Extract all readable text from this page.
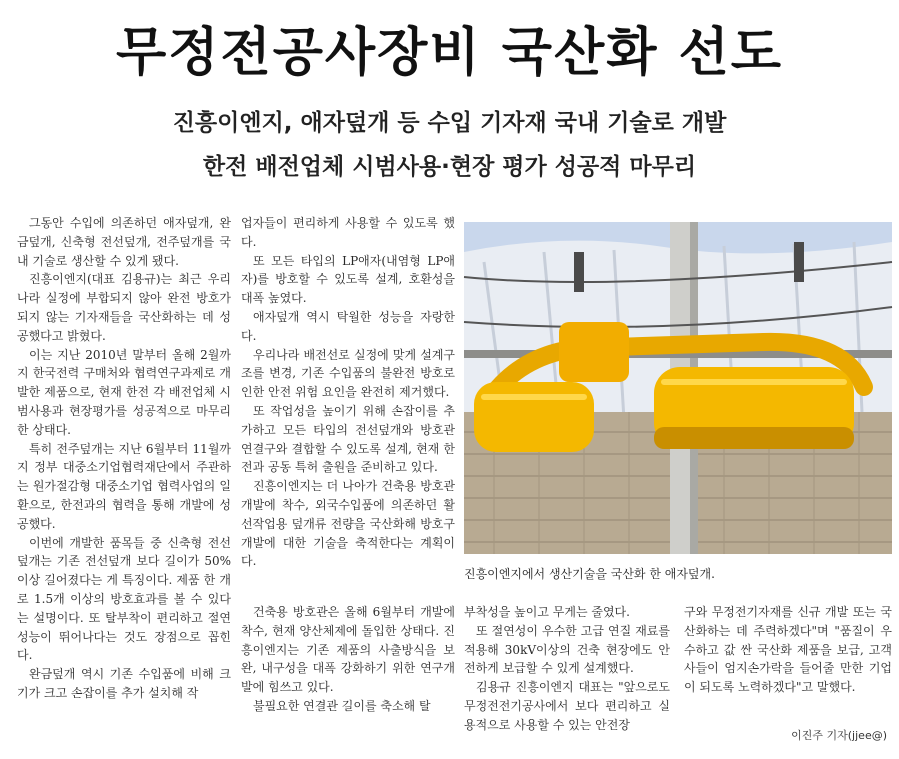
무정전공사장비 국산화 선도
진흥이엔지, 애자덮개 등 수입 기자재 국내 기술로 개발
한전 배전업체 시범사용·현장 평가 성공적 마무리

그동안 수입에 의존하던 애자덮개, 완금덮개, 신축형 전선덮개, 전주덮개를 국내 기술로 생산할 수 있게 됐다.

진흥이엔지(대표 김용규)는 최근 우리나라 실정에 부합되지 않아 완전 방호가 되지 않는 기자재들을 국산화하는 데 성공했다고 밝혔다.

이는 지난 2010년 말부터 올해 2월까지 한국전력 구매처와 협력연구과제로 개발한 제품으로, 현재 한전 각 배전업체 시범사용과 현장평가를 성공적으로 마무리한 상태다.

특히 전주덮개는 지난 6월부터 11월까지 정부 대중소기업협력재단에서 주관하는 원가절감형 대중소기업 협력사업의 일환으로, 한전과의 협력을 통해 개발에 성공했다.

이번에 개발한 품목들 중 신축형 전선덮개는 기존 전선덮개 보다 길이가 50% 이상 길어졌다는 게 특징이다. 제품 한 개로 1.5개 이상의 방호효과를 볼 수 있다는 설명이다. 또 탈부착이 편리하고 절연성능이 뛰어나다는 것도 장점으로 꼽힌다.

완금덮개 역시 기존 수입품에 비해 크기가 크고 손잡이를 추가 설치해 작

업자들이 편리하게 사용할 수 있도록 했다.

또 모든 타입의 LP애자(내염형 LP애자)를 방호할 수 있도록 설계, 호환성을 대폭 높였다.

애자덮개 역시 탁월한 성능을 자랑한다.

우리나라 배전선로 실정에 맞게 설계구조를 변경, 기존 수입품의 불완전 방호로 인한 안전 위험 요인을 완전히 제거했다.

또 작업성을 높이기 위해 손잡이를 추가하고 모든 타입의 전선덮개와 방호관 연결구와 결합할 수 있도록 설계, 현재 한전과 공동 특허 출원을 준비하고 있다.

진흥이엔지는 더 나아가 건축용 방호관 개발에 착수, 외국수입품에 의존하던 활선작업용 덮개류 전량을 국산화해 방호구 개발에 대한 기술을 축적한다는 계획이다.

건축용 방호관은 올해 6월부터 개발에 착수, 현재 양산체제에 돌입한 상태다. 진흥이엔지는 기존 제품의 사출방식을 보완, 내구성을 대폭 강화하기 위한 연구개발에 힘쓰고 있다.

불필요한 연결관 길이를 축소해 탈

부착성을 높이고 무게는 줄였다.

또 절연성이 우수한 고급 연질 재료를 적용해 30kV이상의 건축 현장에도 안전하게 보급할 수 있게 설계했다.

김용규 진흥이엔지 대표는 "앞으로도 무정전전기공사에서 보다 편리하고 실용적으로 사용할 수 있는 안전장

구와 무정전기자재를 신규 개발 또는 국산화하는 데 주력하겠다"며 "품질이 우수하고 값 싼 국산화 제품을 보급, 고객사들이 엄지손가락을 들어줄 만한 기업이 되도록 노력하겠다"고 말했다.

진흥이엔지에서 생산기술을 국산화 한 애자덮개.
이진주 기자(jjee@)
